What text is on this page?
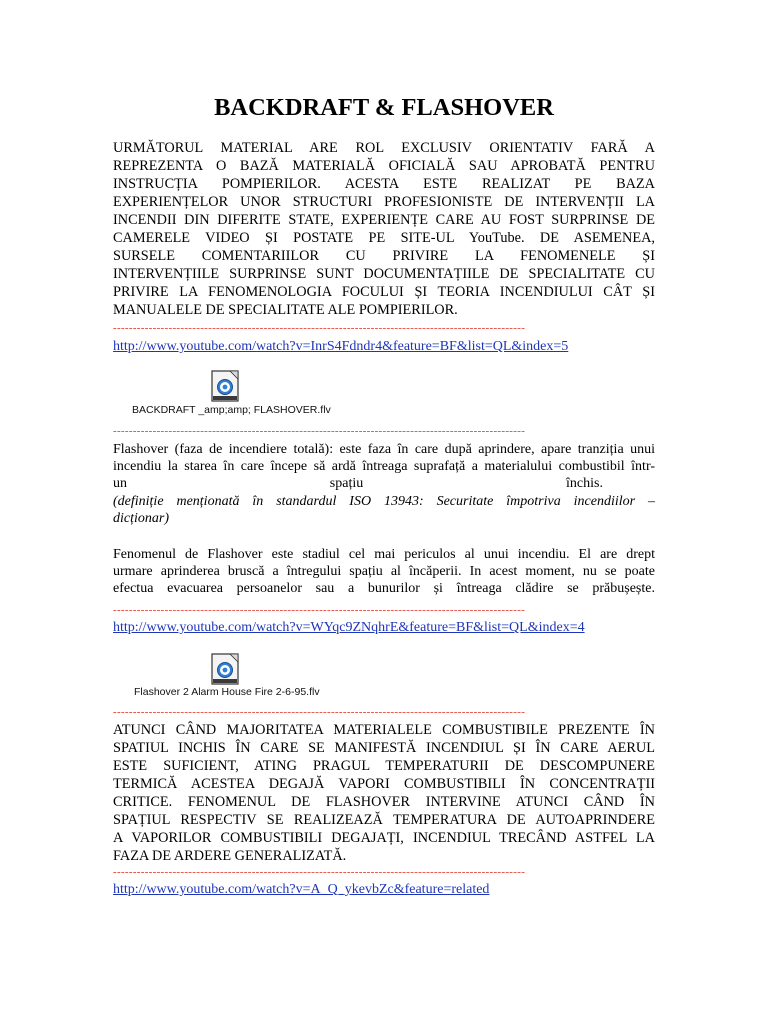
BACKDRAFT & FLASHOVER
URMĂTORUL MATERIAL ARE ROL EXCLUSIV ORIENTATIV FARĂ A
REPREZENTA O BAZĂ MATERIALĂ OFICIALĂ SAU APROBATĂ PENTRU
INSTRUCȚIA POMPIERILOR. ACESTA ESTE REALIZAT PE BAZA
EXPERIENȚELOR UNOR STRUCTURI PROFESIONISTE DE INTERVENȚII LA
INCENDII DIN DIFERITE STATE, EXPERIENȚE CARE AU FOST SURPRINSE DE
CAMERELE VIDEO ȘI POSTATE PE SITE-UL YouTube. DE ASEMENEA,
SURSELE COMENTARIILOR CU PRIVIRE LA FENOMENELE ȘI
INTERVENȚIILE SURPRINSE SUNT DOCUMENTAȚIILE DE SPECIALITATE CU
PRIVIRE LA FENOMENOLOGIA FOCULUI ȘI TEORIA INCENDIULUI CÂT ȘI
MANUALELE DE SPECIALITATE ALE POMPIERILOR.
--------------------------------------------------------------------------------------------------------
http://www.youtube.com/watch?v=InrS4Fdndr4&feature=BF&list=QL&index=5
BACKDRAFT _amp;amp; FLASHOVER.flv
--------------------------------------------------------------------------------------------------------
Flashover (faza de incendiere totală): este faza în care după aprindere, apare tranziția unui
incendiu la starea în care începe să ardă întreaga suprafață a materialului combustibil într-
un	spațiu	închis.
(definiție menționată în standardul ISO 13943: Securitate împotriva incendiilor –
dicționar)
Fenomenul de Flashover este stadiul cel mai periculos al unui incendiu. El are drept
urmare aprinderea bruscă a întregului spațiu al încăperii. In acest moment, nu se poate
efectua evacuarea persoanelor sau a bunurilor și întreaga clădire se prăbușește.
--------------------------------------------------------------------------------------------------------
http://www.youtube.com/watch?v=WYqc9ZNqhrE&feature=BF&list=QL&index=4
Flashover 2 Alarm House Fire 2-6-95.flv
--------------------------------------------------------------------------------------------------------
ATUNCI CÂND MAJORITATEA MATERIALELE COMBUSTIBILE PREZENTE ÎN
SPATIUL INCHIS ÎN CARE SE MANIFESTĂ INCENDIUL ȘI ÎN CARE AERUL
ESTE SUFICIENT, ATING PRAGUL TEMPERATURII DE DESCOMPUNERE
TERMICĂ ACESTEA DEGAJĂ VAPORI COMBUSTIBILI ÎN CONCENTRAȚII
CRITICE. FENOMENUL DE FLASHOVER INTERVINE ATUNCI CÂND ÎN
SPAȚIUL RESPECTIV SE REALIZEAZĂ TEMPERATURA DE AUTOAPRINDERE
A VAPORILOR COMBUSTIBILI DEGAJAȚI, INCENDIUL TRECÂND ASTFEL LA
FAZA DE ARDERE GENERALIZATĂ.
--------------------------------------------------------------------------------------------------------
http://www.youtube.com/watch?v=A_Q_ykevbZc&feature=related
